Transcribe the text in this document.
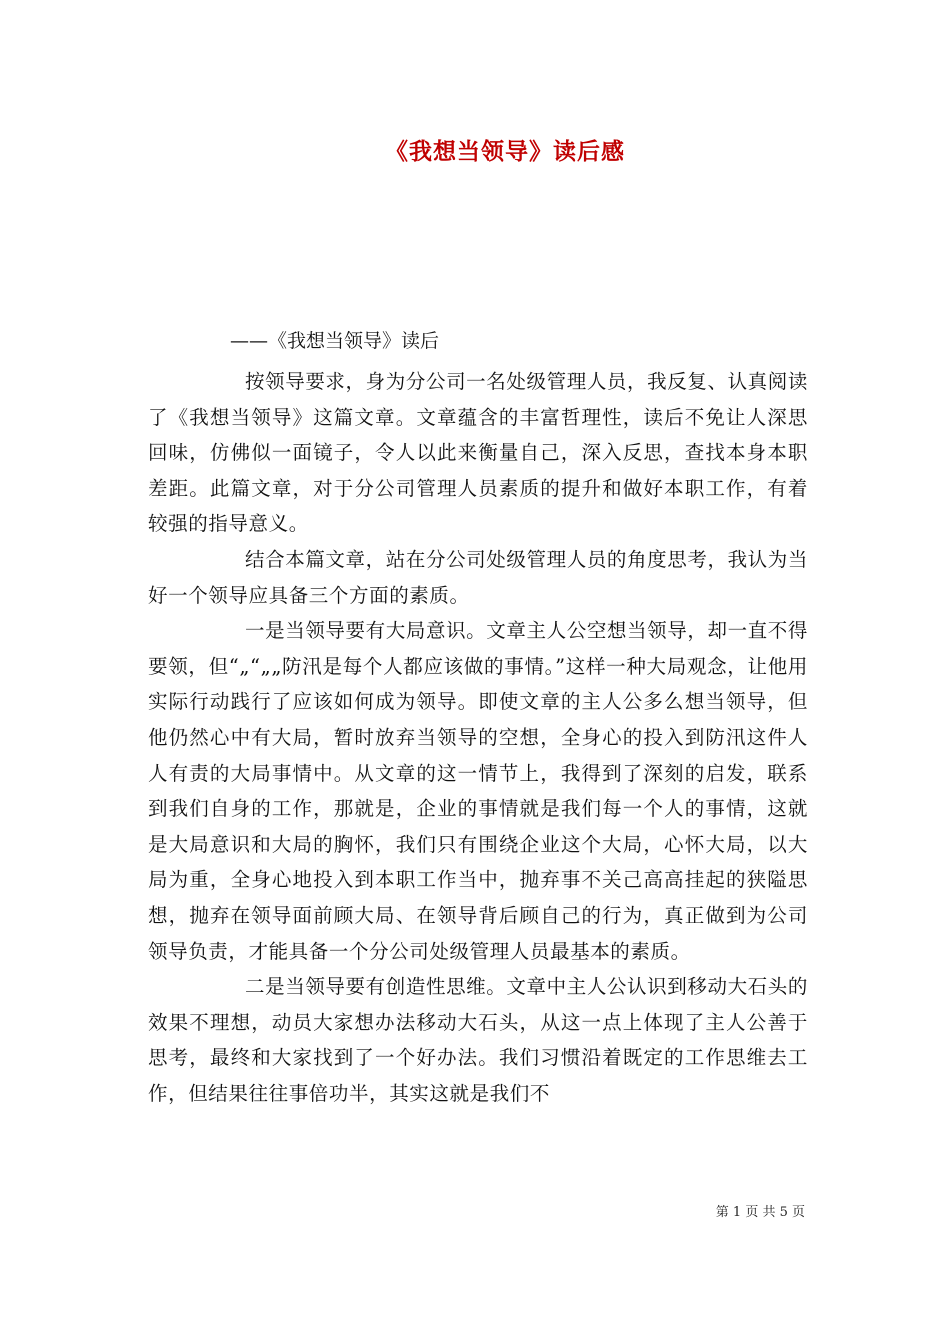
《我想当领导》读后感
——《我想当领导》读后

按领导要求，身为分公司一名处级管理人员，我反复、认真阅读了《我想当领导》这篇文章。文章蕴含的丰富哲理性，读后不免让人深思回味，仿佛似一面镜子，令人以此来衡量自己，深入反思，查找本身本职差距。此篇文章，对于分公司管理人员素质的提升和做好本职工作，有着较强的指导意义。

结合本篇文章，站在分公司处级管理人员的角度思考，我认为当好一个领导应具备三个方面的素质。

一是当领导要有大局意识。文章主人公空想当领导，却一直不得要领，但“„“„„防汛是每个人都应该做的事情。”这样一种大局观念，让他用实际行动践行了应该如何成为领导。即使文章的主人公多么想当领导，但他仍然心中有大局，暂时放弃当领导的空想，全身心的投入到防汛这件人人有责的大局事情中。从文章的这一情节上，我得到了深刻的启发，联系到我们自身的工作，那就是，企业的事情就是我们每一个人的事情，这就是大局意识和大局的胸怀，我们只有围绕企业这个大局，心怀大局，以大局为重，全身心地投入到本职工作当中，抛弃事不关己高高挂起的狭隘思想，抛弃在领导面前顾大局、在领导背后顾自己的行为，真正做到为公司领导负责，才能具备一个分公司处级管理人员最基本的素质。

二是当领导要有创造性思维。文章中主人公认识到移动大石头的效果不理想，动员大家想办法移动大石头，从这一点上体现了主人公善于思考，最终和大家找到了一个好办法。我们习惯沿着既定的工作思维去工作，但结果往往事倍功半，其实这就是我们不

第 1 页 共 5 页
